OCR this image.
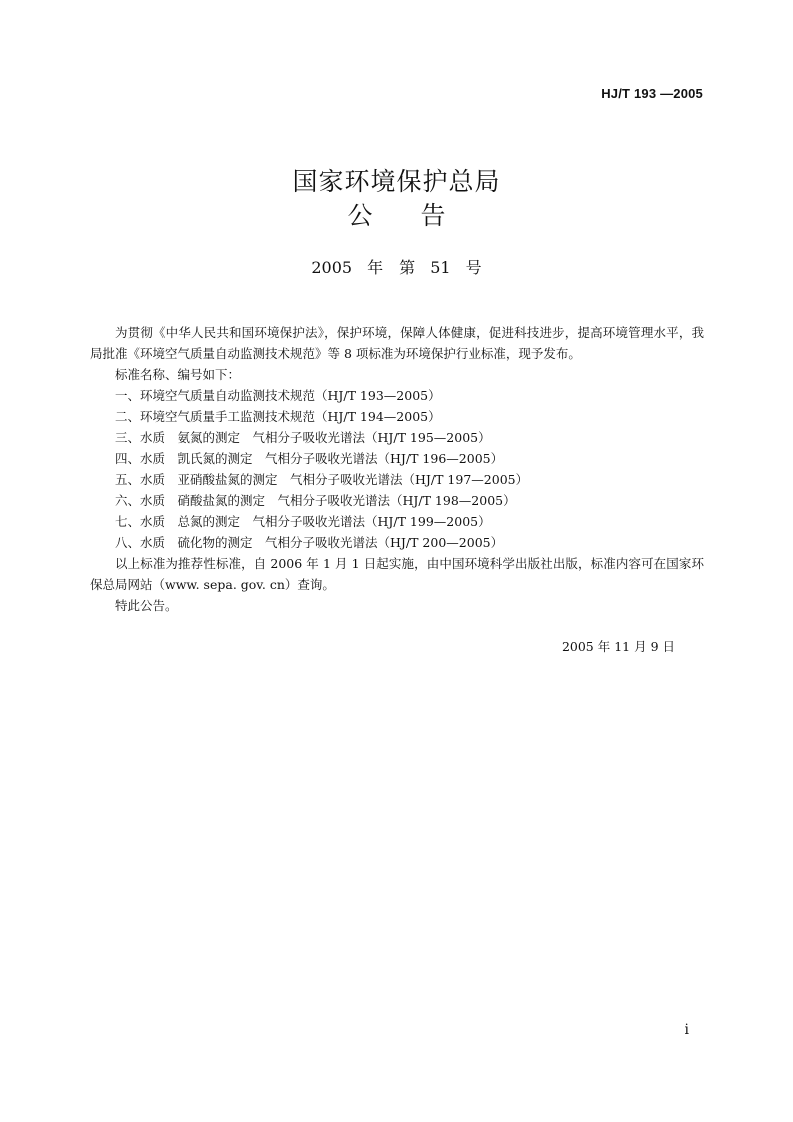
HJ/T 193 —2005
国家环境保护总局
公告
2005 年　第 51 号

为贯彻《中华人民共和国环境保护法》，保护环境，保障人体健康，促进科技进步，提高环境管理水平，我局批准《环境空气质量自动监测技术规范》等 8 项标准为环境保护行业标准，现予发布。

标准名称、编号如下：

一、环境空气质量自动监测技术规范（HJ/T 193—2005）

二、环境空气质量手工监测技术规范（HJ/T 194—2005）

三、水质　氨氮的测定　气相分子吸收光谱法（HJ/T 195—2005）

四、水质　凯氏氮的测定　气相分子吸收光谱法（HJ/T 196—2005）

五、水质　亚硝酸盐氮的测定　气相分子吸收光谱法（HJ/T 197—2005）

六、水质　硝酸盐氮的测定　气相分子吸收光谱法（HJ/T 198—2005）

七、水质　总氮的测定　气相分子吸收光谱法（HJ/T 199—2005）

八、水质　硫化物的测定　气相分子吸收光谱法（HJ/T 200—2005）

以上标准为推荐性标准，自 2006 年 1 月 1 日起实施，由中国环境科学出版社出版，标准内容可在国家环保总局网站（www. sepa. gov. cn）查询。

特此公告。

2005 年 11 月 9 日
i
